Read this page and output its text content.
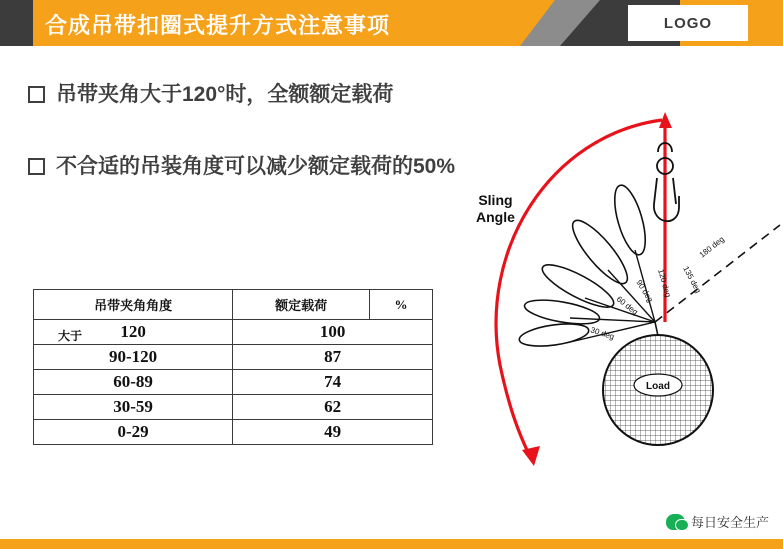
合成吊带扣圈式提升方式注意事项	LOGO
吊带夹角大于120°时，全额额定载荷
不合适的吊装角度可以减少额定载荷的50%
吊带夹角角度	额定载荷	%

大于 120	100	
90-120	87	
60-89	74	
30-59	62	
0-29	49	
135 deg
120 deg
90 deg
60 deg
30 deg
180 deg
Load
Sling
Angle
每日安全生产
